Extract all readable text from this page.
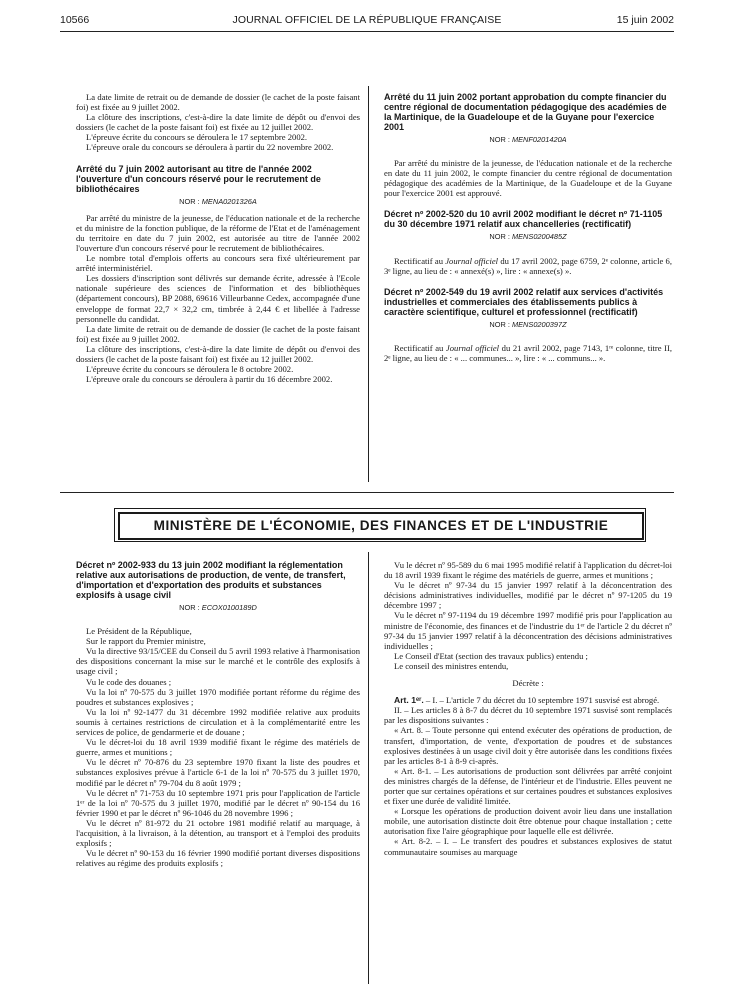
10566	JOURNAL OFFICIEL DE LA RÉPUBLIQUE FRANÇAISE	15 juin 2002

La date limite de retrait ou de demande de dossier (le cachet de la poste faisant foi) est fixée au 9 juillet 2002.

La clôture des inscriptions, c'est-à-dire la date limite de dépôt ou d'envoi des dossiers (le cachet de la poste faisant foi) est fixée au 12 juillet 2002.

L'épreuve écrite du concours se déroulera le 17 septembre 2002.

L'épreuve orale du concours se déroulera à partir du 22 novembre 2002.

Arrêté du 7 juin 2002 autorisant au titre de l'année 2002 l'ouverture d'un concours réservé pour le recrutement de bibliothécaires
NOR : MENA0201326A

Par arrêté du ministre de la jeunesse, de l'éducation nationale et de la recherche et du ministre de la fonction publique, de la réforme de l'Etat et de l'aménagement du territoire en date du 7 juin 2002, est autorisée au titre de l'année 2002 l'ouverture d'un concours réservé pour le recrutement de bibliothécaires.

Le nombre total d'emplois offerts au concours sera fixé ultérieurement par arrêté interministériel.

Les dossiers d'inscription sont délivrés sur demande écrite, adressée à l'Ecole nationale supérieure des sciences de l'information et des bibliothèques (département concours), BP 2088, 69616 Villeurbanne Cedex, accompagnée d'une enveloppe de format 22,7 × 32,2 cm, timbrée à 2,44 € et libellée à l'adresse personnelle du candidat.

La date limite de retrait ou de demande de dossier (le cachet de la poste faisant foi) est fixée au 9 juillet 2002.

La clôture des inscriptions, c'est-à-dire la date limite de dépôt ou d'envoi des dossiers (le cachet de la poste faisant foi) est fixée au 12 juillet 2002.

L'épreuve écrite du concours se déroulera le 8 octobre 2002.

L'épreuve orale du concours se déroulera à partir du 16 décembre 2002.

Arrêté du 11 juin 2002 portant approbation du compte financier du centre régional de documentation pédagogique des académies de la Martinique, de la Guadeloupe et de la Guyane pour l'exercice 2001
NOR : MENF0201420A

Par arrêté du ministre de la jeunesse, de l'éducation nationale et de la recherche en date du 11 juin 2002, le compte financier du centre régional de documentation pédagogique des académies de la Martinique, de la Guadeloupe et de la Guyane pour l'exercice 2001 est approuvé.

Décret nº 2002-520 du 10 avril 2002 modifiant le décret nº 71-1105 du 30 décembre 1971 relatif aux chancelleries (rectificatif)
NOR : MENS0200485Z

Rectificatif au Journal officiel du 17 avril 2002, page 6759, 2ᵉ colonne, article 6, 3ᵉ ligne, au lieu de : « annexé(s) », lire : « annexe(s) ».

Décret nº 2002-549 du 19 avril 2002 relatif aux services d'activités industrielles et commerciales des établissements publics à caractère scientifique, culturel et professionnel (rectificatif)
NOR : MENS0200397Z

Rectificatif au Journal officiel du 21 avril 2002, page 7143, 1ʳᵉ colonne, titre II, 2ᵉ ligne, au lieu de : « ... communes... », lire : « ... communs... ».

MINISTÈRE DE L'ÉCONOMIE, DES FINANCES ET DE L'INDUSTRIE
Décret nº 2002-933 du 13 juin 2002 modifiant la réglementation relative aux autorisations de production, de vente, de transfert, d'importation et d'exportation des produits et substances explosifs à usage civil
NOR : ECOX0100189D

Le Président de la République,

Sur le rapport du Premier ministre,

Vu la directive 93/15/CEE du Conseil du 5 avril 1993 relative à l'harmonisation des dispositions concernant la mise sur le marché et le contrôle des explosifs à usage civil ;

Vu le code des douanes ;

Vu la loi nº 70-575 du 3 juillet 1970 modifiée portant réforme du régime des poudres et substances explosives ;

Vu la loi nº 92-1477 du 31 décembre 1992 modifiée relative aux produits soumis à certaines restrictions de circulation et à la complémentarité entre les services de police, de gendarmerie et de douane ;

Vu le décret-loi du 18 avril 1939 modifié fixant le régime des matériels de guerre, armes et munitions ;

Vu le décret nº 70-876 du 23 septembre 1970 fixant la liste des poudres et substances explosives prévue à l'article 6-1 de la loi nº 70-575 du 3 juillet 1970, modifié par le décret nº 79-704 du 8 août 1979 ;

Vu le décret nº 71-753 du 10 septembre 1971 pris pour l'application de l'article 1ᵉʳ de la loi nº 70-575 du 3 juillet 1970, modifié par le décret nº 90-154 du 16 février 1990 et par le décret nº 96-1046 du 28 novembre 1996 ;

Vu le décret nº 81-972 du 21 octobre 1981 modifié relatif au marquage, à l'acquisition, à la livraison, à la détention, au transport et à l'emploi des produits explosifs ;

Vu le décret nº 90-153 du 16 février 1990 modifié portant diverses dispositions relatives au régime des produits explosifs ;

Vu le décret nº 95-589 du 6 mai 1995 modifié relatif à l'application du décret-loi du 18 avril 1939 fixant le régime des matériels de guerre, armes et munitions ;

Vu le décret nº 97-34 du 15 janvier 1997 relatif à la déconcentration des décisions administratives individuelles, modifié par le décret nº 97-1205 du 19 décembre 1997 ;

Vu le décret nº 97-1194 du 19 décembre 1997 modifié pris pour l'application au ministre de l'économie, des finances et de l'industrie du 1ᵉʳ de l'article 2 du décret nº 97-34 du 15 janvier 1997 relatif à la déconcentration des décisions administratives individuelles ;

Le Conseil d'Etat (section des travaux publics) entendu ;

Le conseil des ministres entendu,

Décrète :

Art. 1ᵉʳ. – I. – L'article 7 du décret du 10 septembre 1971 susvisé est abrogé.

II. – Les articles 8 à 8-7 du décret du 10 septembre 1971 susvisé sont remplacés par les dispositions suivantes :

« Art. 8. – Toute personne qui entend exécuter des opérations de production, de transfert, d'importation, de vente, d'exportation de poudres et de substances explosives destinées à un usage civil doit y être autorisée dans les conditions fixées par les articles 8-1 à 8-9 ci-après.

« Art. 8-1. – Les autorisations de production sont délivrées par arrêté conjoint des ministres chargés de la défense, de l'intérieur et de l'industrie. Elles peuvent ne porter que sur certaines opérations et sur certaines poudres et substances explosives et fixer une durée de validité limitée.

« Lorsque les opérations de production doivent avoir lieu dans une installation mobile, une autorisation distincte doit être obtenue pour chaque installation ; cette autorisation fixe l'aire géographique pour laquelle elle est délivrée.

« Art. 8-2. – I. – Le transfert des poudres et substances explosives de statut communautaire soumises au marquage
